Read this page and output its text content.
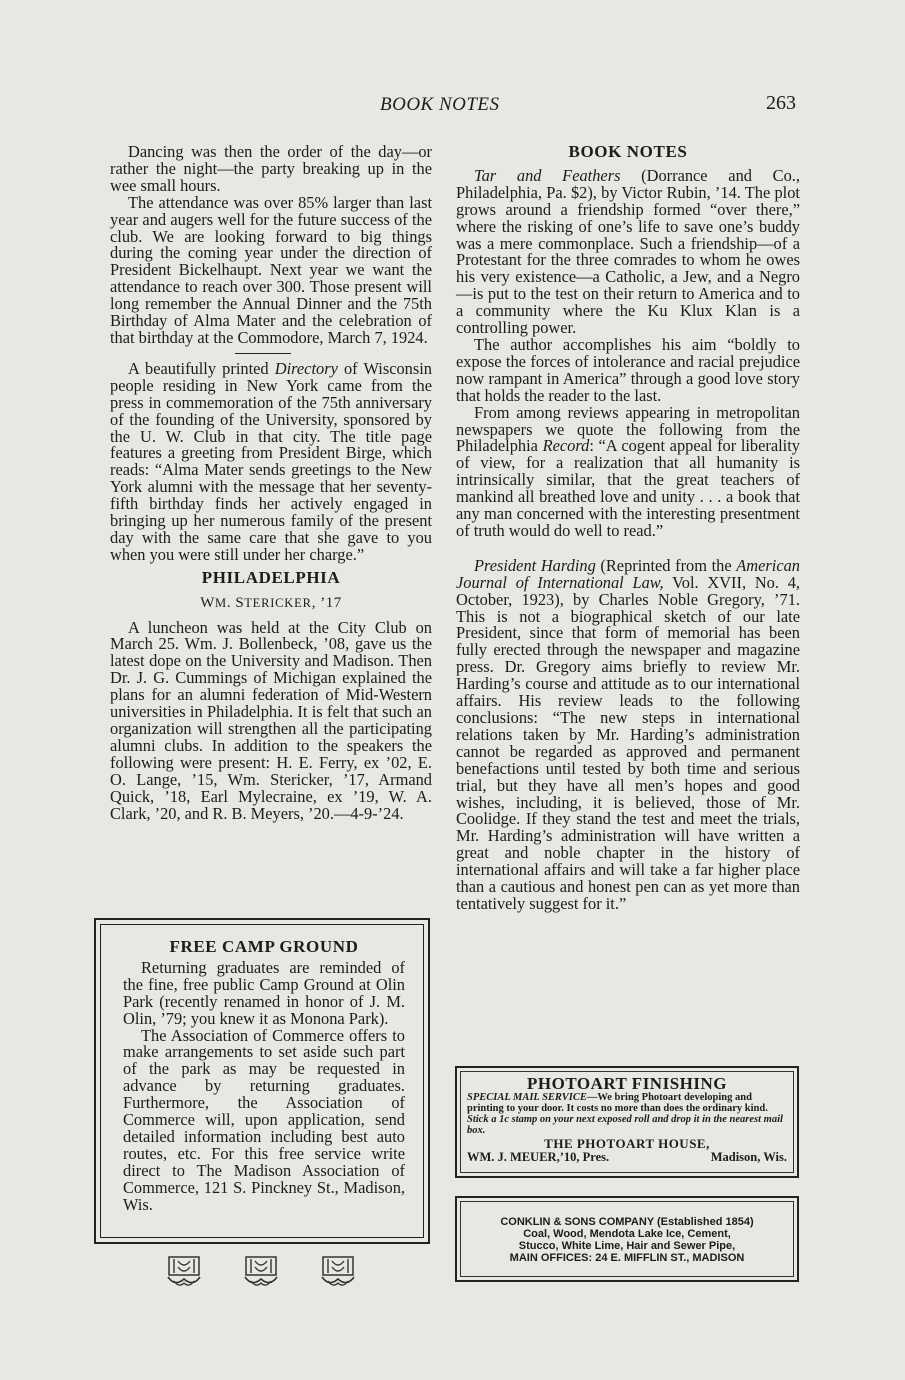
BOOK NOTES	263

Dancing was then the order of the day—or rather the night—the party breaking up in the wee small hours.

The attendance was over 85% larger than last year and augers well for the future success of the club. We are looking forward to big things during the coming year under the direction of President Bickelhaupt. Next year we want the attendance to reach over 300. Those present will long remember the Annual Dinner and the 75th Birthday of Alma Mater and the celebration of that birthday at the Commodore, March 7, 1924.

A beautifully printed Directory of Wisconsin people residing in New York came from the press in commemoration of the 75th anniversary of the founding of the University, sponsored by the U. W. Club in that city. The title page features a greeting from President Birge, which reads: “Alma Mater sends greetings to the New York alumni with the message that her seventy-fifth birthday finds her actively engaged in bringing up her numerous family of the present day with the same care that she gave to you when you were still under her charge.”

PHILADELPHIA
WM. STERICKER, ’17

A luncheon was held at the City Club on March 25. Wm. J. Bollenbeck, ’08, gave us the latest dope on the University and Madison. Then Dr. J. G. Cummings of Michigan explained the plans for an alumni federation of Mid-Western universities in Philadelphia. It is felt that such an organization will strengthen all the participating alumni clubs. In addition to the speakers the following were present: H. E. Ferry, ex ’02, E. O. Lange, ’15, Wm. Stericker, ’17, Armand Quick, ’18, Earl Mylecraine, ex ’19, W. A. Clark, ’20, and R. B. Meyers, ’20.—4-9-’24.

FREE CAMP GROUND

Returning graduates are reminded of the fine, free public Camp Ground at Olin Park (recently renamed in honor of J. M. Olin, ’79; you knew it as Monona Park).

The Association of Commerce offers to make arrangements to set aside such part of the park as may be requested in advance by returning graduates. Furthermore, the Association of Commerce will, upon application, send detailed information including best auto routes, etc. For this free service write direct to The Madison Association of Commerce, 121 S. Pinckney St., Madison, Wis.

BOOK NOTES

Tar and Feathers (Dorrance and Co., Philadelphia, Pa. $2), by Victor Rubin, ’14. The plot grows around a friendship formed “over there,” where the risking of one’s life to save one’s buddy was a mere commonplace. Such a friendship—of a Protestant for the three comrades to whom he owes his very existence—a Catholic, a Jew, and a Negro—is put to the test on their return to America and to a community where the Ku Klux Klan is a controlling power.

The author accomplishes his aim “boldly to expose the forces of intolerance and racial prejudice now rampant in America” through a good love story that holds the reader to the last.

From among reviews appearing in metropolitan newspapers we quote the following from the Philadelphia Record: “A cogent appeal for liberality of view, for a realization that all humanity is intrinsically similar, that the great teachers of mankind all breathed love and unity . . . a book that any man concerned with the interesting presentment of truth would do well to read.”

President Harding (Reprinted from the American Journal of International Law, Vol. XVII, No. 4, October, 1923), by Charles Noble Gregory, ’71. This is not a biographical sketch of our late President, since that form of memorial has been fully erected through the newspaper and magazine press. Dr. Gregory aims briefly to review Mr. Harding’s course and attitude as to our international affairs. His review leads to the following conclusions: “The new steps in international relations taken by Mr. Harding’s administration cannot be regarded as approved and permanent benefactions until tested by both time and serious trial, but they have all men’s hopes and good wishes, including, it is believed, those of Mr. Coolidge. If they stand the test and meet the trials, Mr. Harding’s administration will have written a great and noble chapter in the history of international affairs and will take a far higher place than a cautious and honest pen can as yet more than tentatively suggest for it.”

PHOTOART FINISHING
SPECIAL MAIL SERVICE—We bring Photoart developing and printing to your door. It costs no more than does the ordinary kind.
Stick a 1c stamp on your next exposed roll and drop it in the nearest mail box.
THE PHOTOART HOUSE,
WM. J. MEUER,’10, Pres.	Madison, Wis.
CONKLIN & SONS COMPANY (Established 1854)
Coal, Wood, Mendota Lake Ice, Cement,
Stucco, White Lime, Hair and Sewer Pipe,
MAIN OFFICES: 24 E. MIFFLIN ST., MADISON
